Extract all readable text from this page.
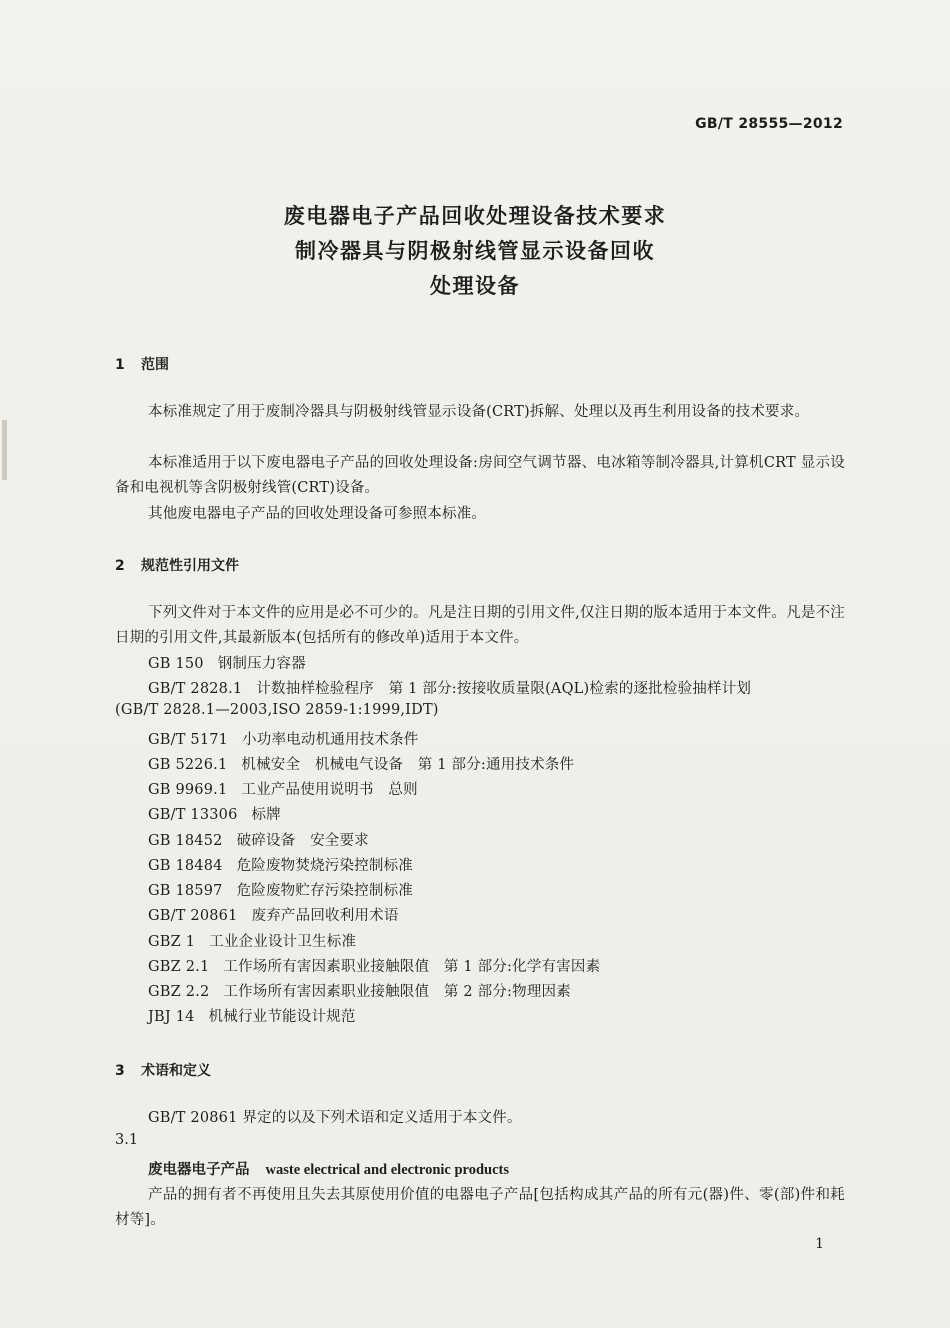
GB/T 28555—2012
废电器电子产品回收处理设备技术要求
制冷器具与阴极射线管显示设备回收
处理设备
1 范围
本标准规定了用于废制冷器具与阴极射线管显示设备(CRT)拆解、处理以及再生利用设备的技术要求。
本标准适用于以下废电器电子产品的回收处理设备:房间空气调节器、电冰箱等制冷器具,计算机CRT 显示设备和电视机等含阴极射线管(CRT)设备。
其他废电器电子产品的回收处理设备可参照本标准。
2 规范性引用文件
下列文件对于本文件的应用是必不可少的。凡是注日期的引用文件,仅注日期的版本适用于本文件。凡是不注日期的引用文件,其最新版本(包括所有的修改单)适用于本文件。
GB 150 钢制压力容器
GB/T 2828.1 计数抽样检验程序　第 1 部分:按接收质量限(AQL)检索的逐批检验抽样计划
(GB/T 2828.1—2003,ISO 2859-1:1999,IDT)
GB/T 5171 小功率电动机通用技术条件
GB 5226.1 机械安全　机械电气设备　第 1 部分:通用技术条件
GB 9969.1 工业产品使用说明书　总则
GB/T 13306 标牌
GB 18452 破碎设备　安全要求
GB 18484 危险废物焚烧污染控制标准
GB 18597 危险废物贮存污染控制标准
GB/T 20861 废弃产品回收利用术语
GBZ 1 工业企业设计卫生标准
GBZ 2.1 工作场所有害因素职业接触限值　第 1 部分:化学有害因素
GBZ 2.2 工作场所有害因素职业接触限值　第 2 部分:物理因素
JBJ 14 机械行业节能设计规范
3 术语和定义
GB/T 20861 界定的以及下列术语和定义适用于本文件。
3.1
废电器电子产品 waste electrical and electronic products
产品的拥有者不再使用且失去其原使用价值的电器电子产品[包括构成其产品的所有元(器)件、零(部)件和耗材等]。
1
